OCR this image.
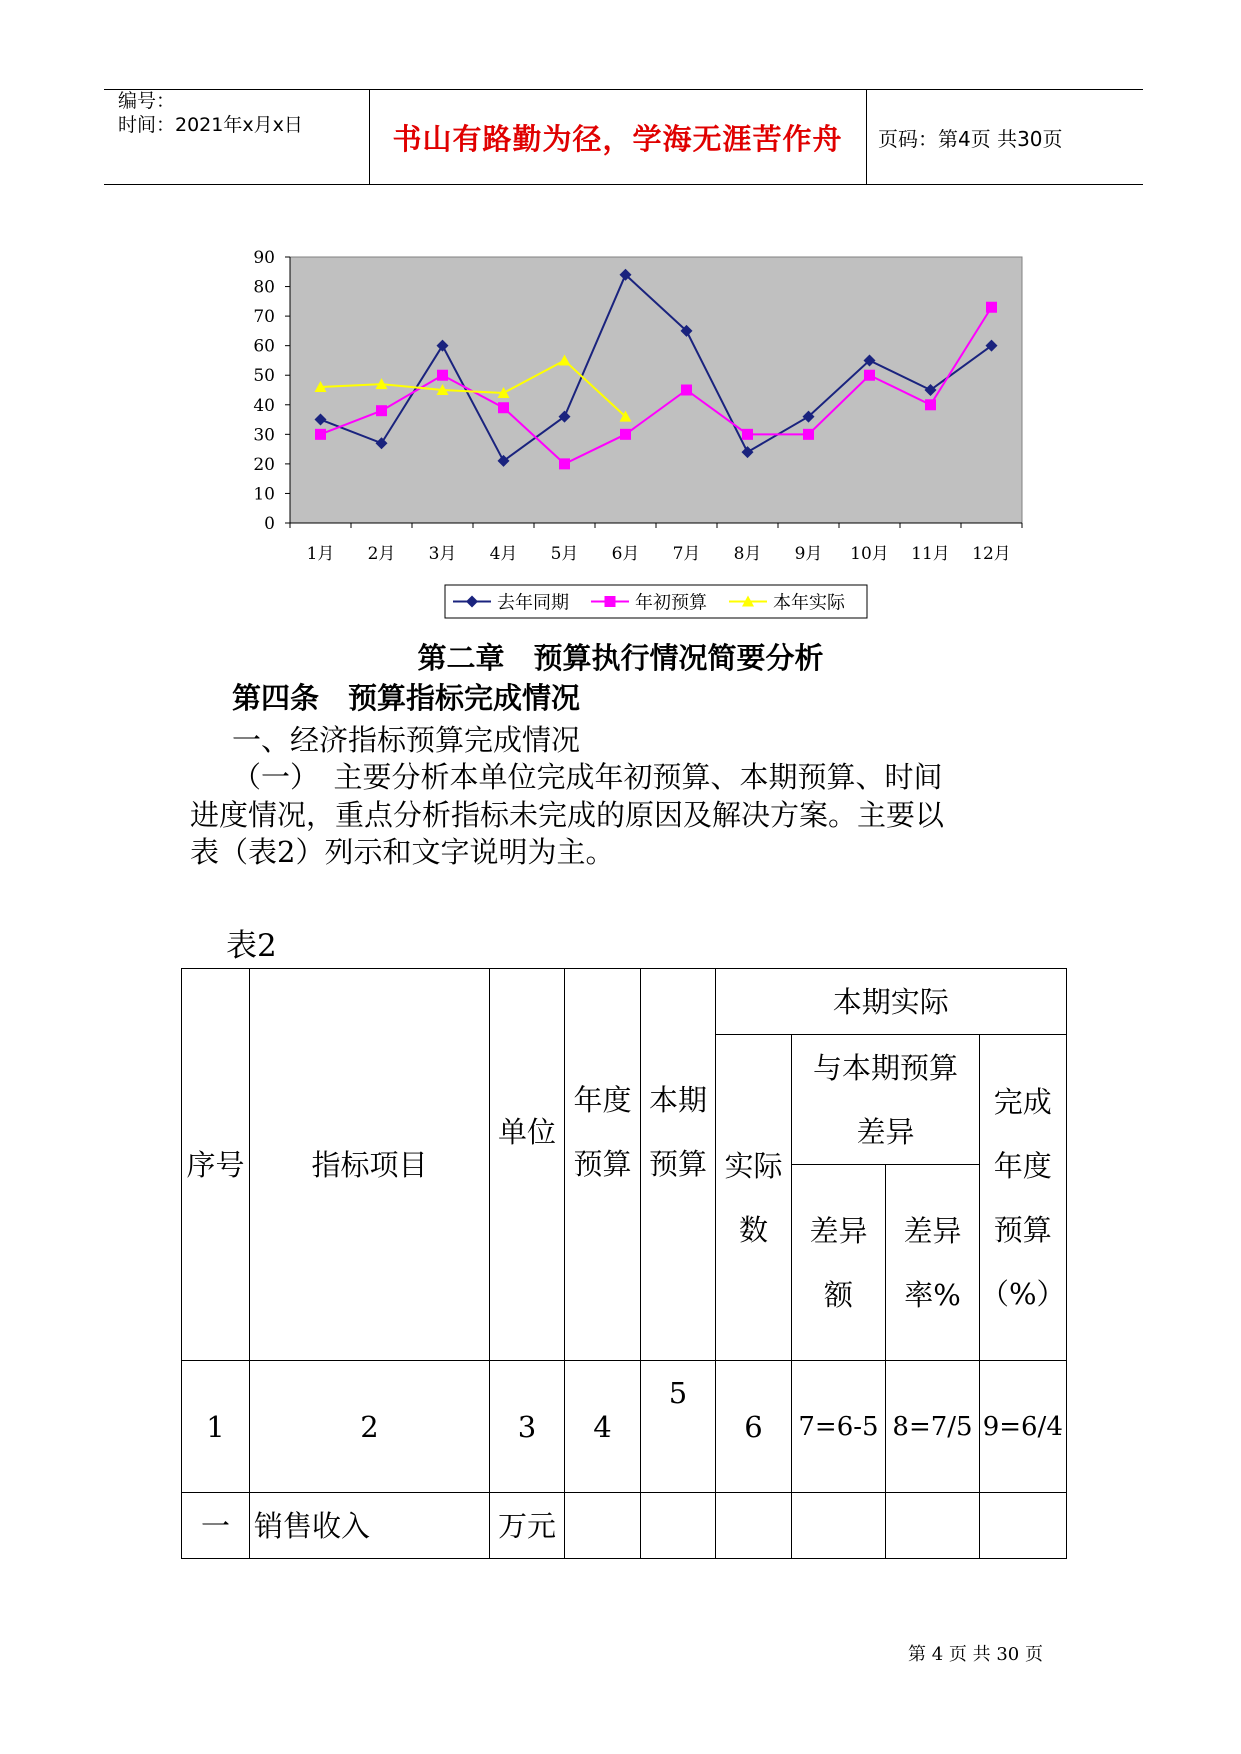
编号：
时间：2021年x月x日	书山有路勤为径，学海无涯苦作舟	页码：第4页 共30页
0
10
20
30
40
50
60
70
80
90
1月 2月 3月 4月 5月 6月 7月 8月 9月 10月 11月 12月
去年同期	年初预算	本年实际
第二章　预算执行情况简要分析
第四条　预算指标完成情况
一、经济指标预算完成情况
（一）　主要分析本单位完成年初预算、本期预算、时间
进度情况，重点分析指标未完成的原因及解决方案。主要以
表（表2）列示和文字说明为主。
表2
序号	指标项目	单位	年度预算	本期预算	本期实际			
					实际数	与本期预算差异		完成年度预算（%）
						差异额	差异率%	
1	2	3	4	5	6	7=6-5	8=7/5	9=6/4
一	销售收入	万元						
第 4 页 共 30 页
